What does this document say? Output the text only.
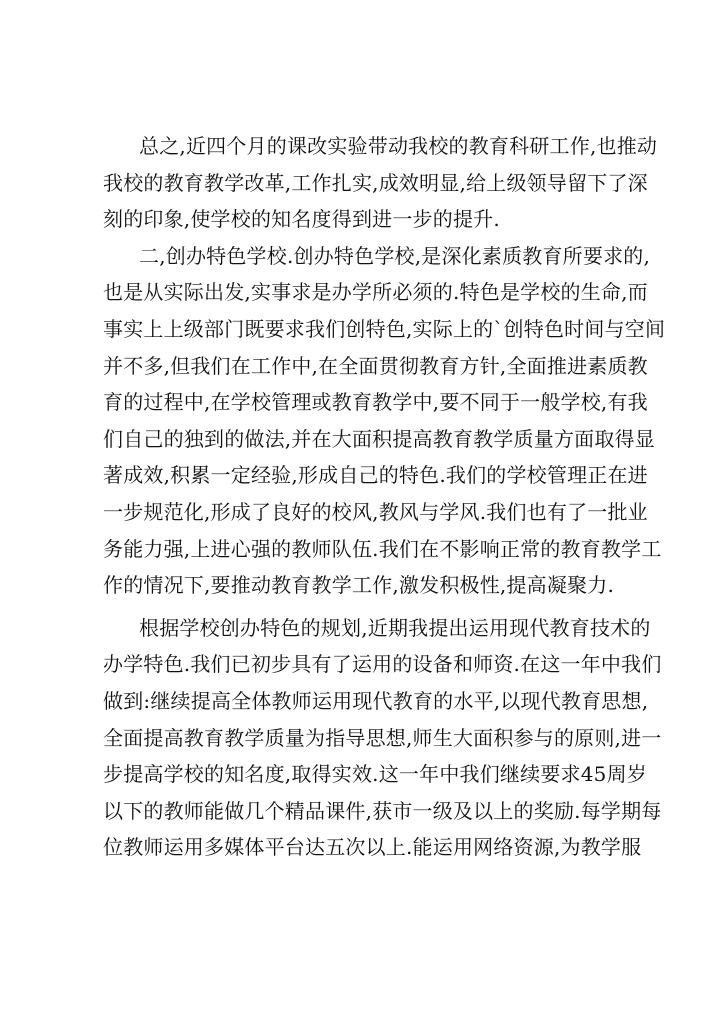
总之,近四个月的课改实验带动我校的教育科研工作,也推动
我校的教育教学改革,工作扎实,成效明显,给上级领导留下了深
刻的印象,使学校的知名度得到进一步的提升.
二,创办特色学校.创办特色学校,是深化素质教育所要求的,
也是从实际出发,实事求是办学所必须的.特色是学校的生命,而
事实上上级部门既要求我们创特色,实际上的`创特色时间与空间
并不多,但我们在工作中,在全面贯彻教育方针,全面推进素质教
育的过程中,在学校管理或教育教学中,要不同于一般学校,有我
们自己的独到的做法,并在大面积提高教育教学质量方面取得显
著成效,积累一定经验,形成自己的特色.我们的学校管理正在进
一步规范化,形成了良好的校风,教风与学风.我们也有了一批业
务能力强,上进心强的教师队伍.我们在不影响正常的教育教学工
作的情况下,要推动教育教学工作,激发积极性,提高凝聚力.
根据学校创办特色的规划,近期我提出运用现代教育技术的
办学特色.我们已初步具有了运用的设备和师资.在这一年中我们
做到:继续提高全体教师运用现代教育的水平,以现代教育思想,
全面提高教育教学质量为指导思想,师生大面积参与的原则,进一
步提高学校的知名度,取得实效.这一年中我们继续要求45周岁
以下的教师能做几个精品课件,获市一级及以上的奖励.每学期每
位教师运用多媒体平台达五次以上.能运用网络资源,为教学服
